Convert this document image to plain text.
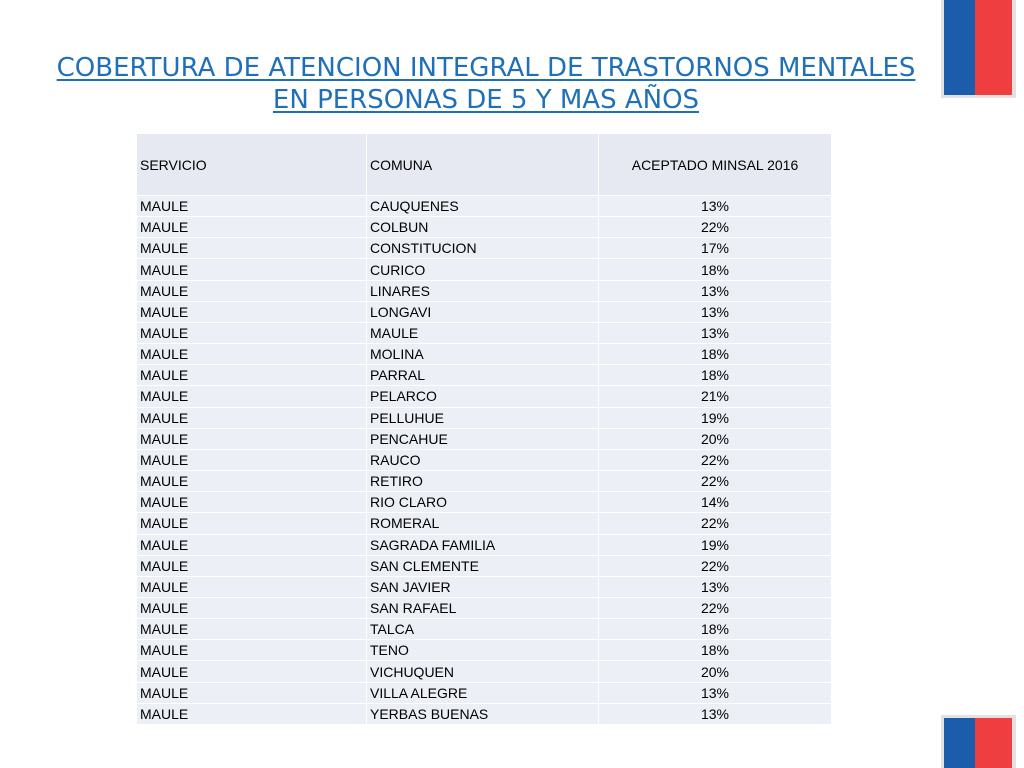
COBERTURA DE ATENCION INTEGRAL DE TRASTORNOS MENTALES
EN PERSONAS DE 5 Y MAS AÑOS
SERVICIO	COMUNA	ACEPTADO MINSAL 2016
MAULE	CAUQUENES	13%
MAULE	COLBUN	22%
MAULE	CONSTITUCION	17%
MAULE	CURICO	18%
MAULE	LINARES	13%
MAULE	LONGAVI	13%
MAULE	MAULE	13%
MAULE	MOLINA	18%
MAULE	PARRAL	18%
MAULE	PELARCO	21%
MAULE	PELLUHUE	19%
MAULE	PENCAHUE	20%
MAULE	RAUCO	22%
MAULE	RETIRO	22%
MAULE	RIO CLARO	14%
MAULE	ROMERAL	22%
MAULE	SAGRADA FAMILIA	19%
MAULE	SAN CLEMENTE	22%
MAULE	SAN JAVIER	13%
MAULE	SAN RAFAEL	22%
MAULE	TALCA	18%
MAULE	TENO	18%
MAULE	VICHUQUEN	20%
MAULE	VILLA ALEGRE	13%
MAULE	YERBAS BUENAS	13%
